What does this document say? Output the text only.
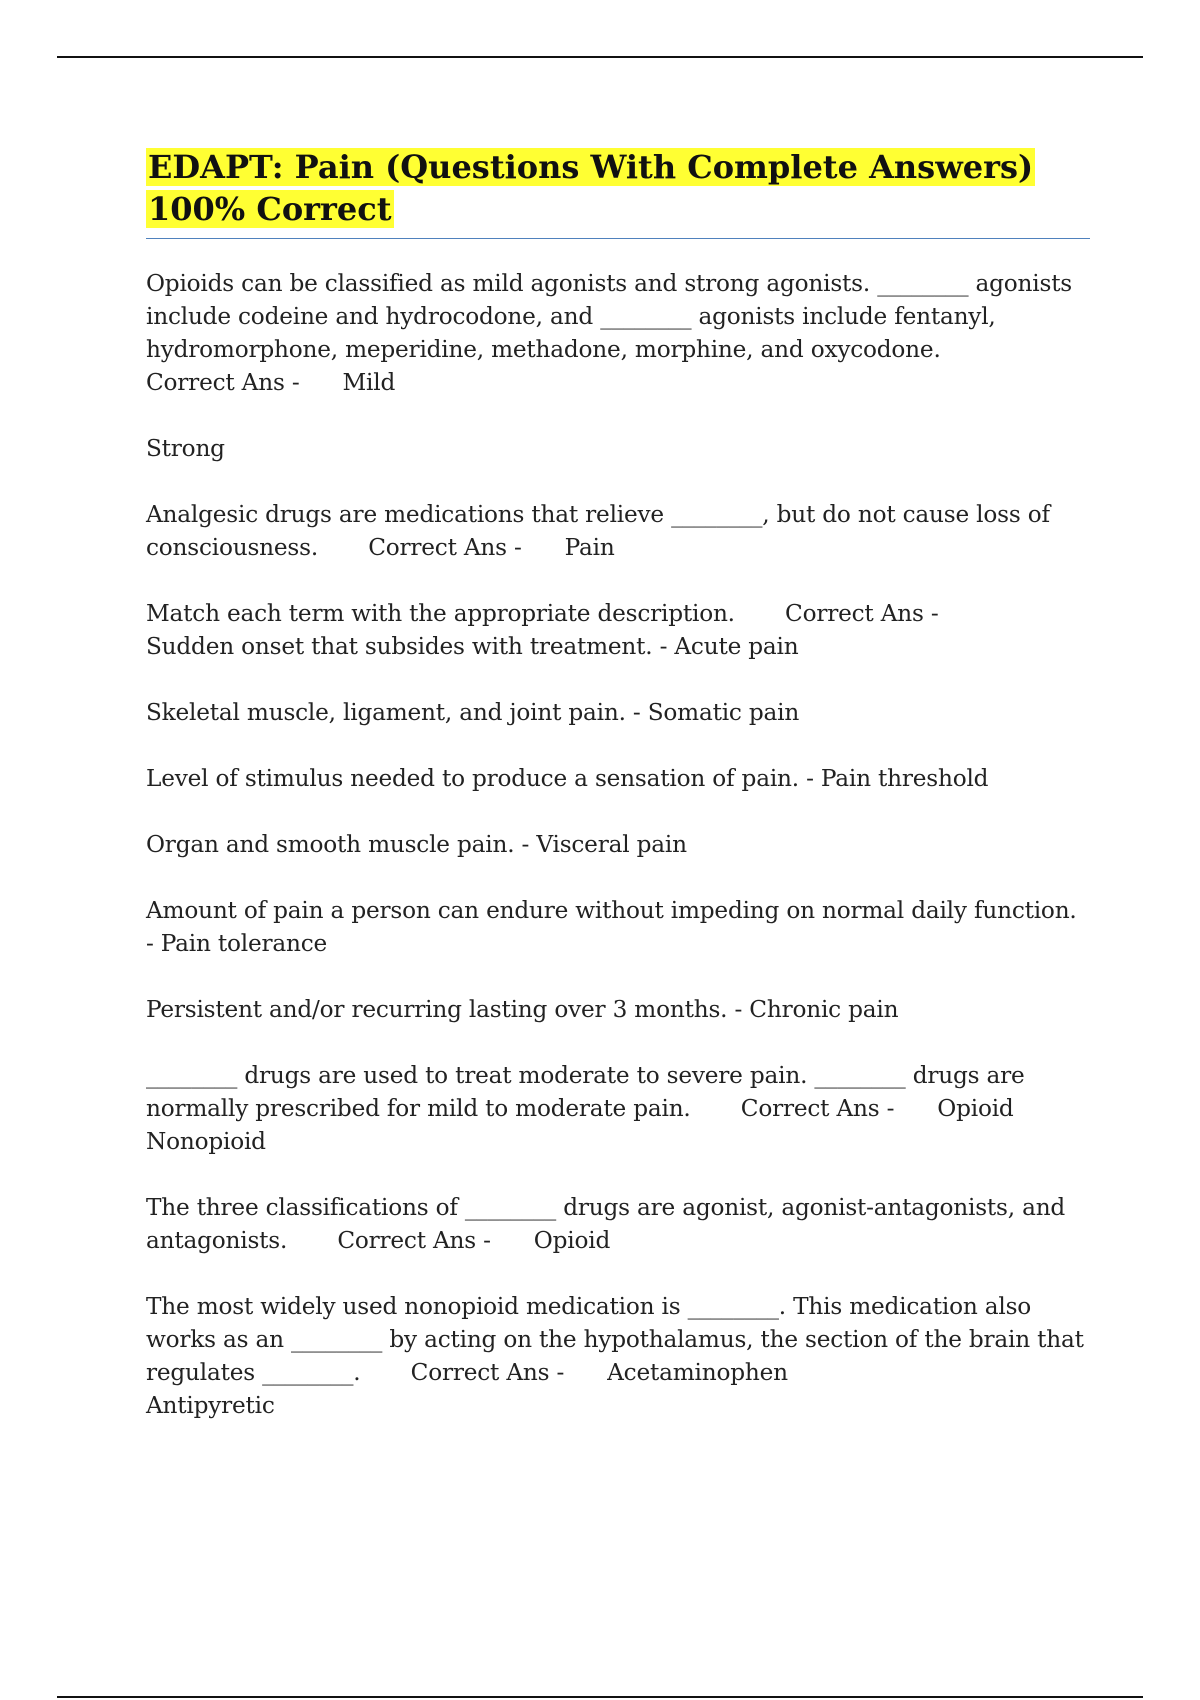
EDAPT: Pain (Questions With Complete Answers)
100% Correct

Opioids can be classified as mild agonists and strong agonists. ________ agonists include codeine and hydrocodone, and ________ agonists include fentanyl, hydromorphone, meperidine, methadone, morphine, and oxycodone.
Correct Ans -      Mild

Strong

Analgesic drugs are medications that relieve ________, but do not cause loss of consciousness.       Correct Ans -      Pain

Match each term with the appropriate description.       Correct Ans -
Sudden onset that subsides with treatment. - Acute pain

Skeletal muscle, ligament, and joint pain. - Somatic pain

Level of stimulus needed to produce a sensation of pain. - Pain threshold

Organ and smooth muscle pain. - Visceral pain

Amount of pain a person can endure without impeding on normal daily function. - Pain tolerance

Persistent and/or recurring lasting over 3 months. - Chronic pain

________ drugs are used to treat moderate to severe pain. ________ drugs are normally prescribed for mild to moderate pain.       Correct Ans -      Opioid
Nonopioid

The three classifications of ________ drugs are agonist, agonist-antagonists, and antagonists.       Correct Ans -      Opioid

The most widely used nonopioid medication is ________. This medication also works as an ________ by acting on the hypothalamus, the section of the brain that regulates ________.       Correct Ans -      Acetaminophen
Antipyretic
